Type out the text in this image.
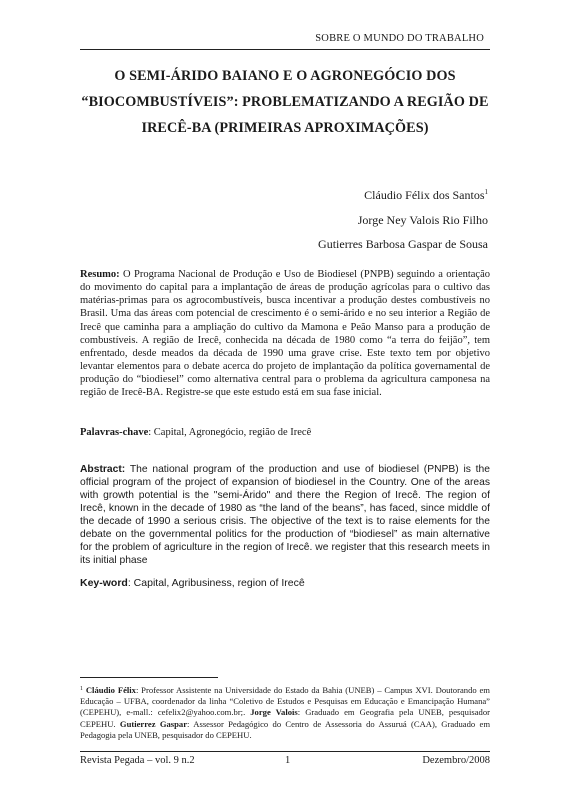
SOBRE O MUNDO DO TRABALHO
O SEMI-ÁRIDO BAIANO E O AGRONEGÓCIO DOS “BIOCOMBUSTÍVEIS”: PROBLEMATIZANDO A REGIÃO DE IRECÊ-BA (PRIMEIRAS APROXIMAÇÕES)
Cláudio Félix dos Santos$^1$
Jorge Ney Valois Rio Filho
Gutierres Barbosa Gaspar de Sousa
Resumo: O Programa Nacional de Produção e Uso de Biodiesel (PNPB) seguindo a orientação do movimento do capital para a implantação de áreas de produção agrícolas para o cultivo das matérias-primas para os agrocombustíveis, busca incentivar a produção destes combustíveis no Brasil. Uma das áreas com potencial de crescimento é o semi-árido e no seu interior a Região de Irecê que caminha para a ampliação do cultivo da Mamona e Peão Manso para a produção de combustíveis. A região de Irecê, conhecida na década de 1980 como “a terra do feijão”, tem enfrentado, desde meados da década de 1990 uma grave crise. Este texto tem por objetivo levantar elementos para o debate acerca do projeto de implantação da política governamental de produção do “biodiesel” como alternativa central para o problema da agricultura camponesa na região de Irecê-BA. Registre-se que este estudo está em sua fase inicial.
Palavras-chave: Capital, Agronegócio, região de Irecê
Abstract: The national program of the production and use of biodiesel (PNPB) is the official program of the project of expansion of biodiesel in the Country. One of the areas with growth potential is the "semi-Árido" and there the Region of Irecê. The region of Irecê, known in the decade of 1980 as “the land of the beans”, has faced, since middle of the decade of 1990 a serious crisis. The objective of the text is to raise elements for the debate on the governmental politics for the production of “biodiesel” as main alternative for the problem of agriculture in the region of Irecê. we register that this research meets in its initial phase
Key-word: Capital, Agribusiness, region of Irecê
$^1$ Cláudio Félix: Professor Assistente na Universidade do Estado da Bahia (UNEB) – Campus XVI. Doutorando em Educação – UFBA, coordenador da linha “Coletivo de Estudos e Pesquisas em Educação e Emancipação Humana” (CEPEHU), e-mall.: cefelix2@yahoo.com.br;. Jorge Valois: Graduado em Geografia pela UNEB, pesquisador CEPEHU. Gutierrez Gaspar: Assessor Pedagógico do Centro de Assessoria do Assuruá (CAA), Graduado em Pedagogia pela UNEB, pesquisador do CEPEHU.
Revista Pegada – vol. 9 n.2	1	Dezembro/2008
